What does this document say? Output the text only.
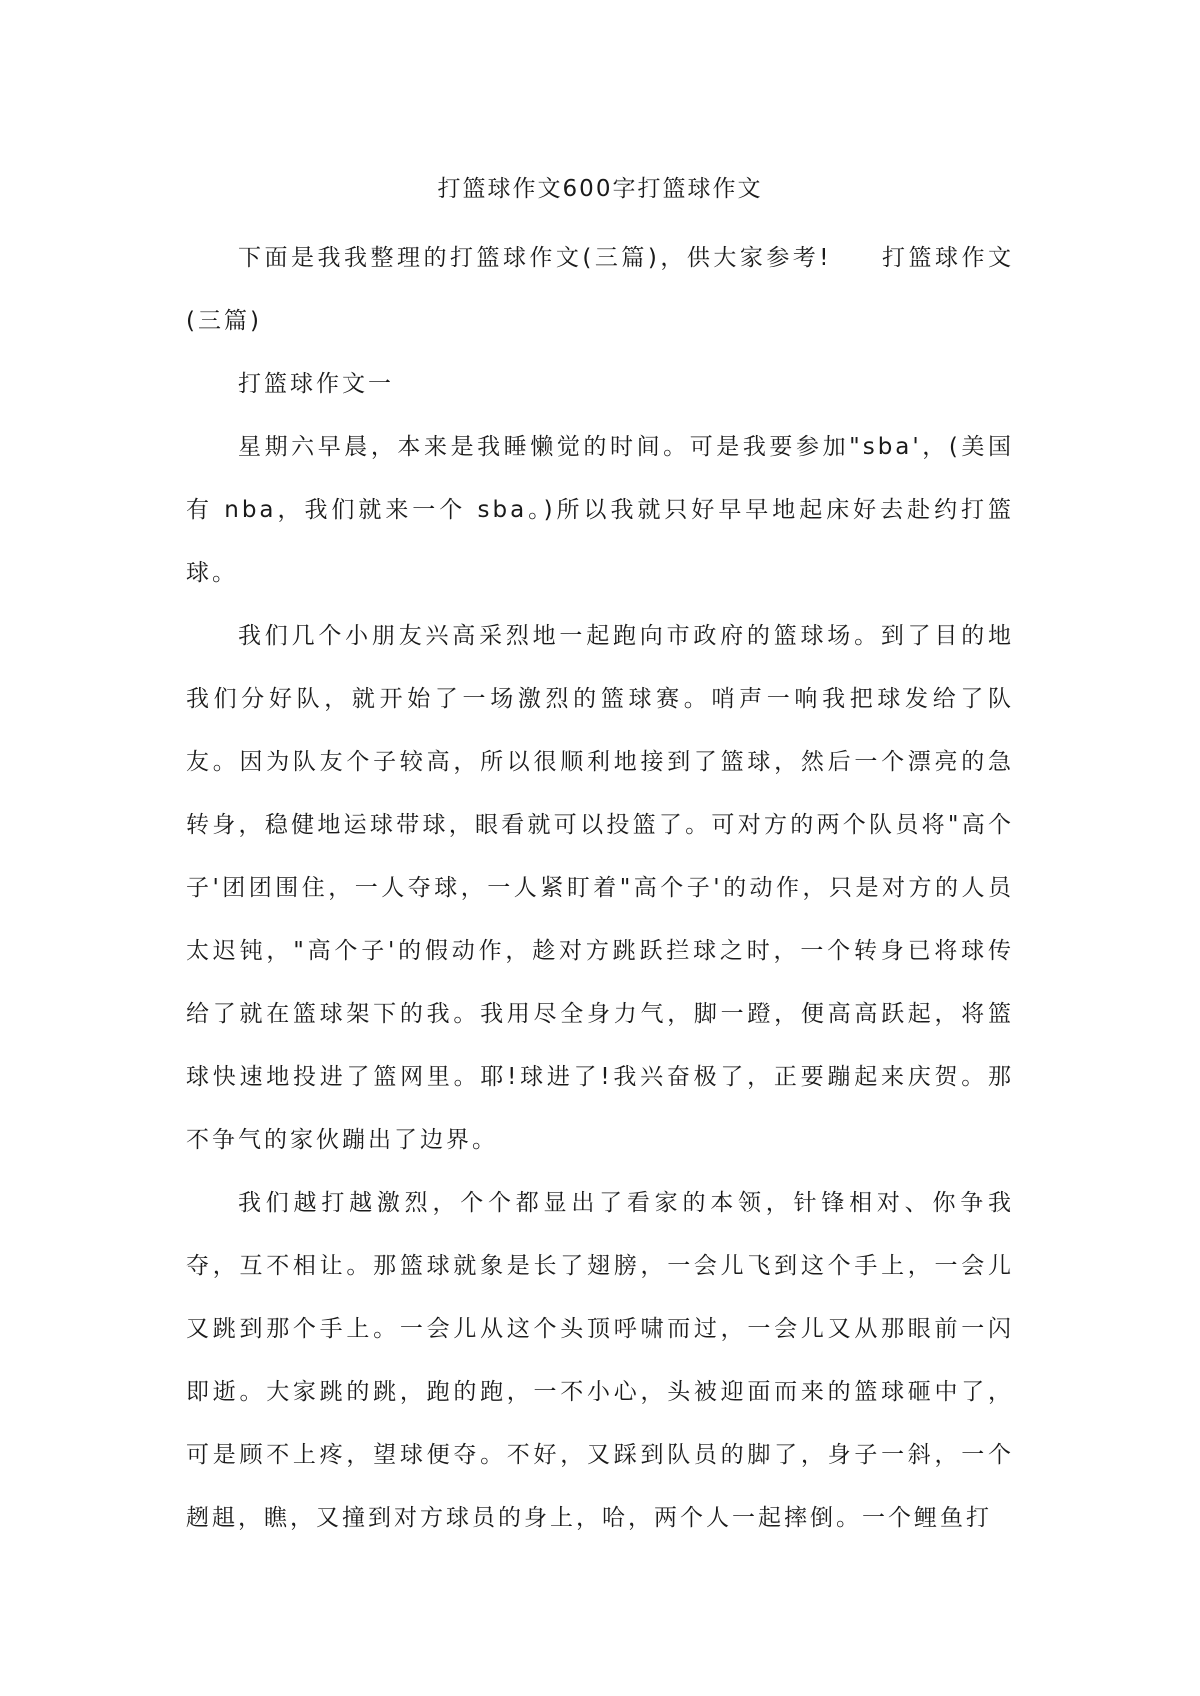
打篮球作文600字打篮球作文

下面是我我整理的打篮球作文(三篇)，供大家参考! 打篮球作文(三篇)

打篮球作文一

星期六早晨，本来是我睡懒觉的时间。可是我要参加"sba'，(美国有 nba，我们就来一个 sba。)所以我就只好早早地起床好去赴约打篮球。

我们几个小朋友兴高采烈地一起跑向市政府的篮球场。到了目的地我们分好队，就开始了一场激烈的篮球赛。哨声一响我把球发给了队友。因为队友个子较高，所以很顺利地接到了篮球，然后一个漂亮的急转身，稳健地运球带球，眼看就可以投篮了。可对方的两个队员将"高个子'团团围住，一人夺球，一人紧盯着"高个子'的动作，只是对方的人员太迟钝，"高个子'的假动作，趁对方跳跃拦球之时，一个转身已将球传给了就在篮球架下的我。我用尽全身力气，脚一蹬，便高高跃起，将篮球快速地投进了篮网里。耶!球进了!我兴奋极了，正要蹦起来庆贺。那不争气的家伙蹦出了边界。

我们越打越激烈，个个都显出了看家的本领，针锋相对、你争我夺，互不相让。那篮球就象是长了翅膀，一会儿飞到这个手上，一会儿又跳到那个手上。一会儿从这个头顶呼啸而过，一会儿又从那眼前一闪即逝。大家跳的跳，跑的跑，一不小心，头被迎面而来的篮球砸中了，可是顾不上疼，望球便夺。不好，又踩到队员的脚了，身子一斜，一个趔趄，瞧，又撞到对方球员的身上，哈，两个人一起摔倒。一个鲤鱼打
